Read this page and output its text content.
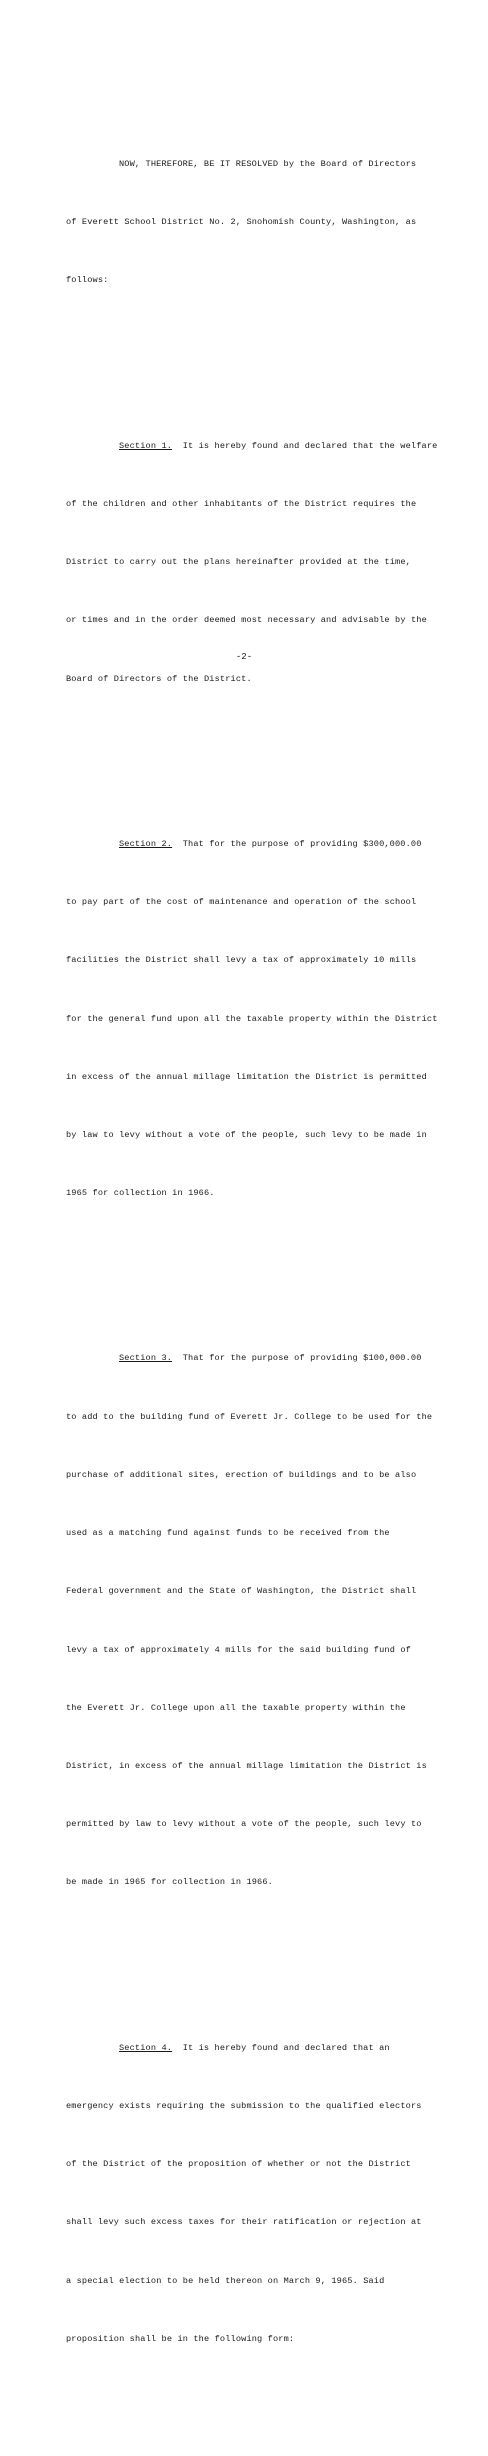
NOW, THEREFORE, BE IT RESOLVED by the Board of Directors

of Everett School District No. 2, Snohomish County, Washington, as

follows:

Section 1. It is hereby found and declared that the welfare

of the children and other inhabitants of the District requires the

District to carry out the plans hereinafter provided at the time,

or times and in the order deemed most necessary and advisable by the

Board of Directors of the District.

Section 2. That for the purpose of providing $300,000.00

to pay part of the cost of maintenance and operation of the school

facilities the District shall levy a tax of approximately 10 mills

for the general fund upon all the taxable property within the District

in excess of the annual millage limitation the District is permitted

by law to levy without a vote of the people, such levy to be made in

1965 for collection in 1966.

Section 3. That for the purpose of providing $100,000.00

to add to the building fund of Everett Jr. College to be used for the

purchase of additional sites, erection of buildings and to be also

used as a matching fund against funds to be received from the

Federal government and the State of Washington, the District shall

levy a tax of approximately 4 mills for the said building fund of

the Everett Jr. College upon all the taxable property within the

District, in excess of the annual millage limitation the District is

permitted by law to levy without a vote of the people, such levy to

be made in 1965 for collection in 1966.

Section 4. It is hereby found and declared that an

emergency exists requiring the submission to the qualified electors

of the District of the proposition of whether or not the District

shall levy such excess taxes for their ratification or rejection at

a special election to be held thereon on March 9, 1965. Said

proposition shall be in the following form:

-2-
